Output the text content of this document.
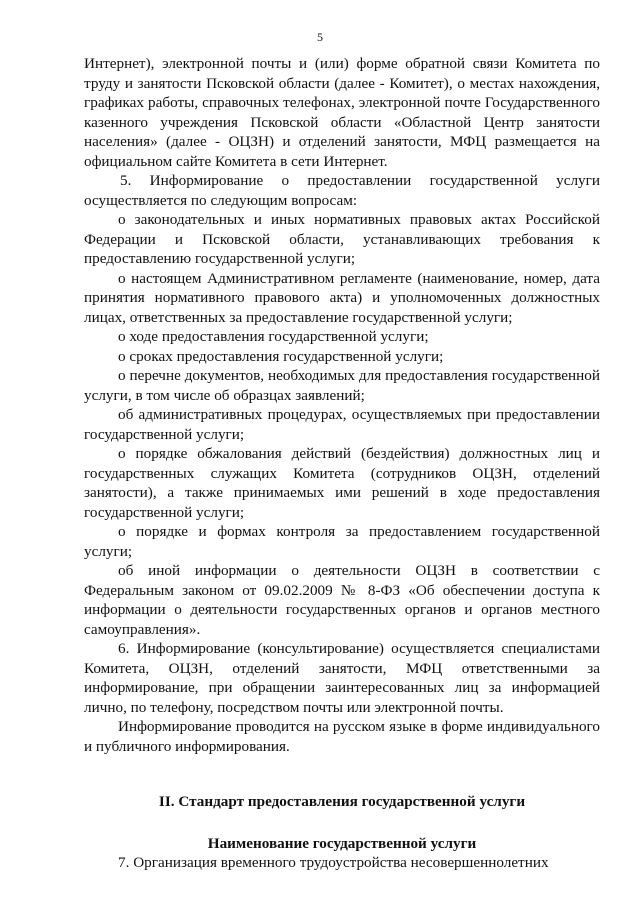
5

Интернет), электронной почты и (или) форме обратной связи Комитета по труду и занятости Псковской области (далее - Комитет), о местах нахождения, графиках работы, справочных телефонах, электронной почте Государственного казенного учреждения Псковской области «Областной Центр занятости населения» (далее - ОЦЗН) и отделений занятости, МФЦ размещается на официальном сайте Комитета в сети Интернет.

5. Информирование о предоставлении государственной услуги осуществляется по следующим вопросам:

о законодательных и иных нормативных правовых актах Российской Федерации и Псковской области, устанавливающих требования к предоставлению государственной услуги;

о настоящем Административном регламенте (наименование, номер, дата принятия нормативного правового акта) и уполномоченных должностных лицах, ответственных за предоставление государственной услуги;

о ходе предоставления государственной услуги;

о сроках предоставления государственной услуги;

о перечне документов, необходимых для предоставления государственной услуги, в том числе об образцах заявлений;

об административных процедурах, осуществляемых при предоставлении государственной услуги;

о порядке обжалования действий (бездействия) должностных лиц и государственных служащих Комитета (сотрудников ОЦЗН, отделений занятости), а также принимаемых ими решений в ходе предоставления государственной услуги;

о порядке и формах контроля за предоставлением государственной услуги;

об иной информации о деятельности ОЦЗН в соответствии с Федеральным законом от 09.02.2009 № 8-ФЗ «Об обеспечении доступа к информации о деятельности государственных органов и органов местного самоуправления».

6. Информирование (консультирование) осуществляется специалистами Комитета, ОЦЗН, отделений занятости, МФЦ ответственными за информирование, при обращении заинтересованных лиц за информацией лично, по телефону, посредством почты или электронной почты.

Информирование проводится на русском языке в форме индивидуального и публичного информирования.

II. Стандарт предоставления государственной услуги

Наименование государственной услуги

7. Организация временного трудоустройства несовершеннолетних
